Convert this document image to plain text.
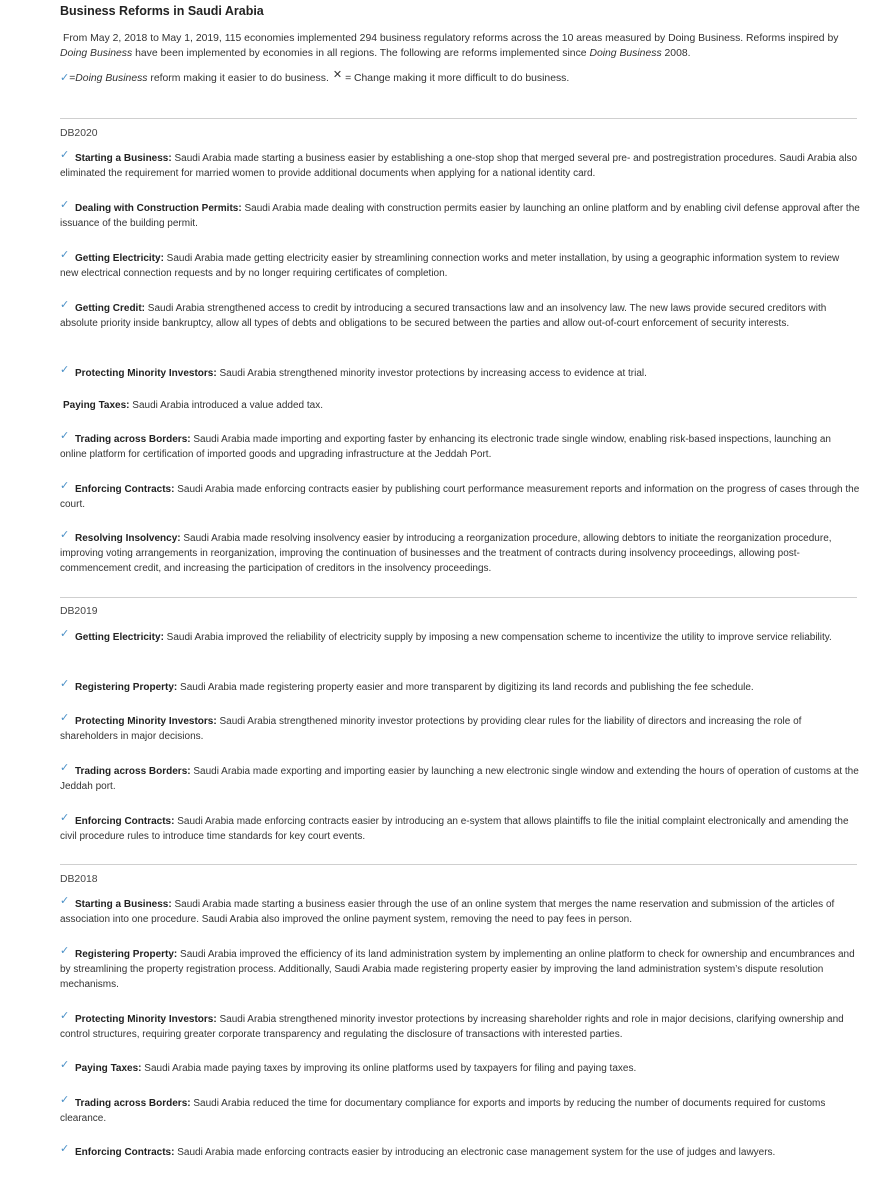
Business Reforms in Saudi Arabia

From May 2, 2018 to May 1, 2019, 115 economies implemented 294 business regulatory reforms across the 10 areas measured by Doing Business. Reforms inspired by Doing Business have been implemented by economies in all regions. The following are reforms implemented since Doing Business 2008.

✓=Doing Business reform making it easier to do business. ✕ = Change making it more difficult to do business.
DB2020
✓ Starting a Business: Saudi Arabia made starting a business easier by establishing a one-stop shop that merged several pre- and postregistration procedures. Saudi Arabia also eliminated the requirement for married women to provide additional documents when applying for a national identity card.
✓ Dealing with Construction Permits: Saudi Arabia made dealing with construction permits easier by launching an online platform and by enabling civil defense approval after the issuance of the building permit.
✓ Getting Electricity: Saudi Arabia made getting electricity easier by streamlining connection works and meter installation, by using a geographic information system to review new electrical connection requests and by no longer requiring certificates of completion.
✓ Getting Credit: Saudi Arabia strengthened access to credit by introducing a secured transactions law and an insolvency law. The new laws provide secured creditors with absolute priority inside bankruptcy, allow all types of debts and obligations to be secured between the parties and allow out-of-court enforcement of security interests.
✓ Protecting Minority Investors: Saudi Arabia strengthened minority investor protections by increasing access to evidence at trial.
Paying Taxes: Saudi Arabia introduced a value added tax.
✓ Trading across Borders: Saudi Arabia made importing and exporting faster by enhancing its electronic trade single window, enabling risk-based inspections, launching an online platform for certification of imported goods and upgrading infrastructure at the Jeddah Port.
✓ Enforcing Contracts: Saudi Arabia made enforcing contracts easier by publishing court performance measurement reports and information on the progress of cases through the court.
✓ Resolving Insolvency: Saudi Arabia made resolving insolvency easier by introducing a reorganization procedure, allowing debtors to initiate the reorganization procedure, improving voting arrangements in reorganization, improving the continuation of businesses and the treatment of contracts during insolvency proceedings, allowing post-commencement credit, and increasing the participation of creditors in the insolvency proceedings.
DB2019
✓ Getting Electricity: Saudi Arabia improved the reliability of electricity supply by imposing a new compensation scheme to incentivize the utility to improve service reliability.
✓ Registering Property: Saudi Arabia made registering property easier and more transparent by digitizing its land records and publishing the fee schedule.
✓ Protecting Minority Investors: Saudi Arabia strengthened minority investor protections by providing clear rules for the liability of directors and increasing the role of shareholders in major decisions.
✓ Trading across Borders: Saudi Arabia made exporting and importing easier by launching a new electronic single window and extending the hours of operation of customs at the Jeddah port.
✓ Enforcing Contracts: Saudi Arabia made enforcing contracts easier by introducing an e-system that allows plaintiffs to file the initial complaint electronically and amending the civil procedure rules to introduce time standards for key court events.
DB2018
✓ Starting a Business: Saudi Arabia made starting a business easier through the use of an online system that merges the name reservation and submission of the articles of association into one procedure. Saudi Arabia also improved the online payment system, removing the need to pay fees in person.
✓ Registering Property: Saudi Arabia improved the efficiency of its land administration system by implementing an online platform to check for ownership and encumbrances and by streamlining the property registration process. Additionally, Saudi Arabia made registering property easier by improving the land administration system’s dispute resolution mechanisms.
✓ Protecting Minority Investors: Saudi Arabia strengthened minority investor protections by increasing shareholder rights and role in major decisions, clarifying ownership and control structures, requiring greater corporate transparency and regulating the disclosure of transactions with interested parties.
✓ Paying Taxes: Saudi Arabia made paying taxes by improving its online platforms used by taxpayers for filing and paying taxes.
✓ Trading across Borders: Saudi Arabia reduced the time for documentary compliance for exports and imports by reducing the number of documents required for customs clearance.
✓ Enforcing Contracts: Saudi Arabia made enforcing contracts easier by introducing an electronic case management system for the use of judges and lawyers.
